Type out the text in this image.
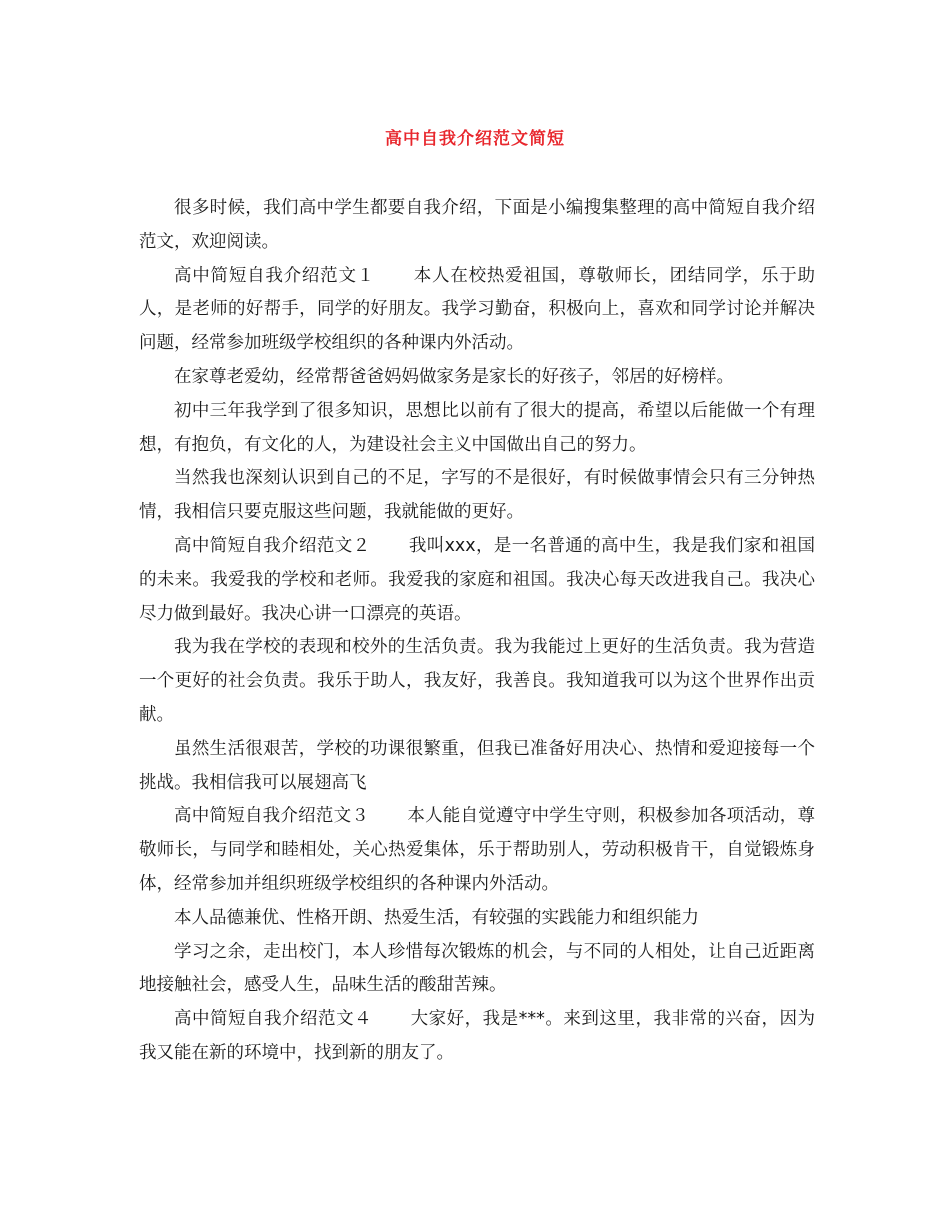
高中自我介绍范文简短

很多时候，我们高中学生都要自我介绍，下面是小编搜集整理的高中简短自我介绍范文，欢迎阅读。

高中简短自我介绍范文１ 本人在校热爱祖国，尊敬师长，团结同学，乐于助人，是老师的好帮手，同学的好朋友。我学习勤奋，积极向上，喜欢和同学讨论并解决问题，经常参加班级学校组织的各种课内外活动。

在家尊老爱幼，经常帮爸爸妈妈做家务是家长的好孩子，邻居的好榜样。

初中三年我学到了很多知识，思想比以前有了很大的提高，希望以后能做一个有理想，有抱负，有文化的人，为建设社会主义中国做出自己的努力。

当然我也深刻认识到自己的不足，字写的不是很好，有时候做事情会只有三分钟热情，我相信只要克服这些问题，我就能做的更好。

高中简短自我介绍范文２ 我叫xxx，是一名普通的高中生，我是我们家和祖国的未来。我爱我的学校和老师。我爱我的家庭和祖国。我决心每天改进我自己。我决心尽力做到最好。我决心讲一口漂亮的英语。

我为我在学校的表现和校外的生活负责。我为我能过上更好的生活负责。我为营造一个更好的社会负责。我乐于助人，我友好，我善良。我知道我可以为这个世界作出贡献。

虽然生活很艰苦，学校的功课很繁重，但我已准备好用决心、热情和爱迎接每一个挑战。我相信我可以展翅高飞

高中简短自我介绍范文３ 本人能自觉遵守中学生守则，积极参加各项活动，尊敬师长，与同学和睦相处，关心热爱集体，乐于帮助别人，劳动积极肯干，自觉锻炼身体，经常参加并组织班级学校组织的各种课内外活动。

本人品德兼优、性格开朗、热爱生活，有较强的实践能力和组织能力

学习之余，走出校门，本人珍惜每次锻炼的机会，与不同的人相处，让自己近距离地接触社会，感受人生，品味生活的酸甜苦辣。

高中简短自我介绍范文４ 大家好，我是***。来到这里，我非常的兴奋，因为我又能在新的环境中，找到新的朋友了。
